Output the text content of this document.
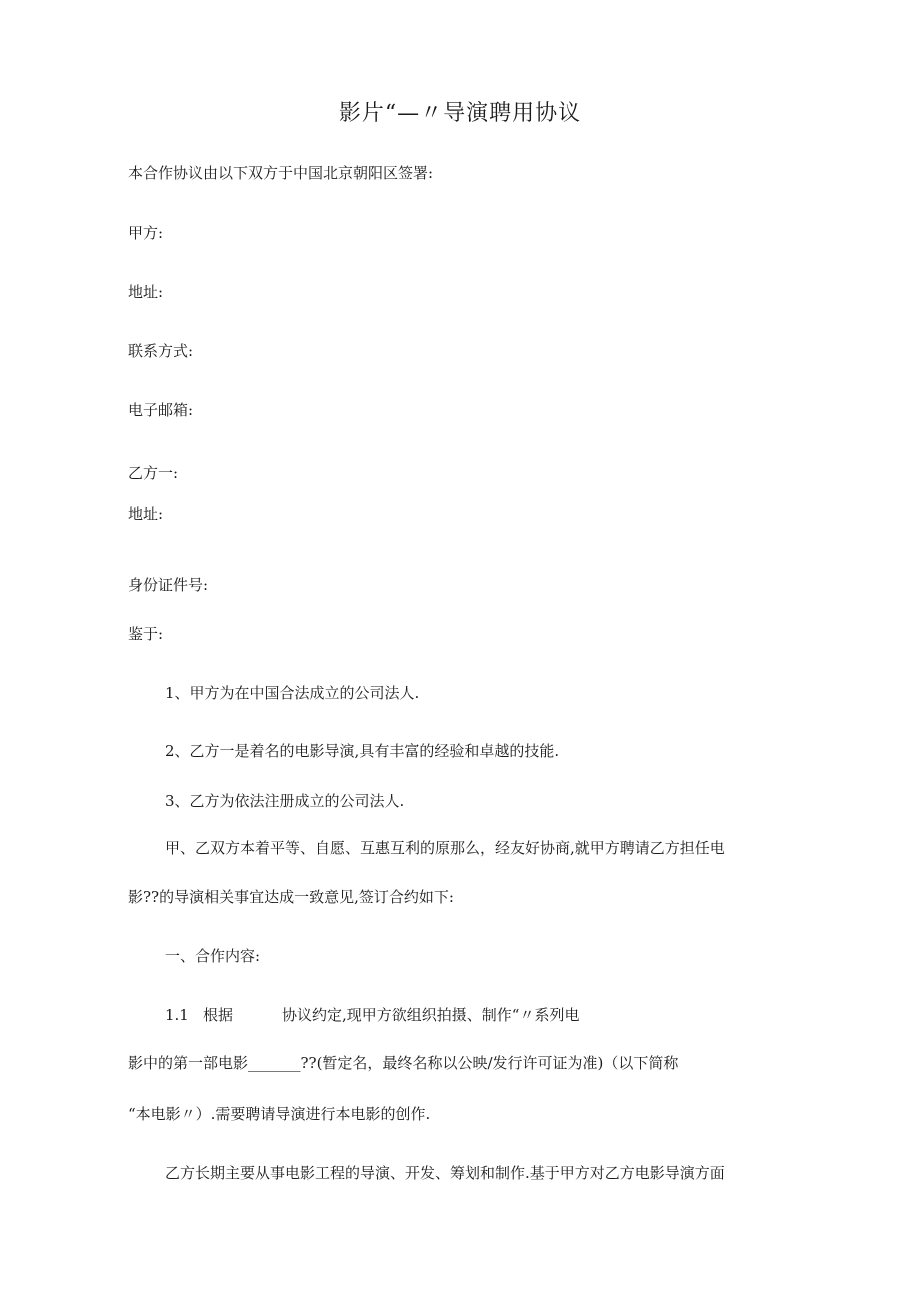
影片“—〃导演聘用协议
本合作协议由以下双方于中国北京朝阳区签署:
甲方:
地址:
联系方式:
电子邮箱:
乙方一:
地址:
身份证件号:
鉴于:
1、甲方为在中国合法成立的公司法人.
2、乙方一是着名的电影导演,具有丰富的经验和卓越的技能.
3、乙方为依法注册成立的公司法人.
甲、乙双方本着平等、自愿、互惠互利的原那么，经友好协商,就甲方聘请乙方担任电
影??的导演相关事宜达成一致意见,签订合约如下:
一、合作内容:
1.1 根据	协议约定,现甲方欲组织拍摄、制作“〃系列电
影中的第一部电影_______??(暂定名，最终名称以公映/发行许可证为准)（以下简称
“本电影〃）.需要聘请导演进行本电影的创作.
乙方长期主要从事电影工程的导演、开发、筹划和制作.基于甲方对乙方电影导演方面
